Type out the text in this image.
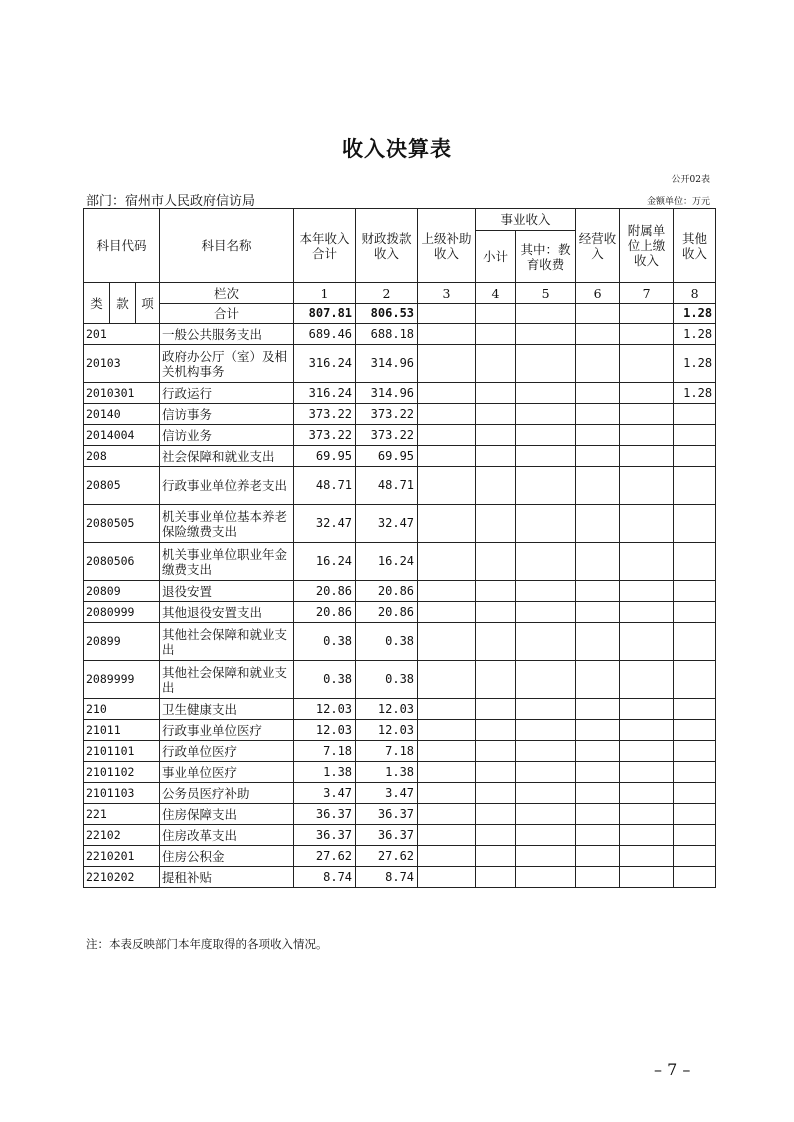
收入决算表
公开02表
部门：宿州市人民政府信访局	金额单位：万元
科目代码			科目名称	本年收入合计	财政拨款收入	上级补助收入	事业收入		经营收入	附属单位上缴收入	其他收入
							小计	其中：教育收费			

类	款	项	栏次	1	2	3	4	5	6	7	8
			合计	807.81	806.53						1.28
201			一般公共服务支出	689.46	688.18						1.28
20103			政府办公厅（室）及相关机构事务	316.24	314.96						1.28
2010301			行政运行	316.24	314.96						1.28
20140			信访事务	373.22	373.22						
2014004			信访业务	373.22	373.22						
208			社会保障和就业支出	69.95	69.95						
20805			行政事业单位养老支出	48.71	48.71						
2080505			机关事业单位基本养老保险缴费支出	32.47	32.47						
2080506			机关事业单位职业年金缴费支出	16.24	16.24						
20809			退役安置	20.86	20.86						
2080999			其他退役安置支出	20.86	20.86						
20899			其他社会保障和就业支出	0.38	0.38						
2089999			其他社会保障和就业支出	0.38	0.38						
210			卫生健康支出	12.03	12.03						
21011			行政事业单位医疗	12.03	12.03						
2101101			行政单位医疗	7.18	7.18						
2101102			事业单位医疗	1.38	1.38						
2101103			公务员医疗补助	3.47	3.47						
221			住房保障支出	36.37	36.37						
22102			住房改革支出	36.37	36.37						
2210201			住房公积金	27.62	27.62						
2210202			提租补贴	8.74	8.74						
注：本表反映部门本年度取得的各项收入情况。
– 7 –
